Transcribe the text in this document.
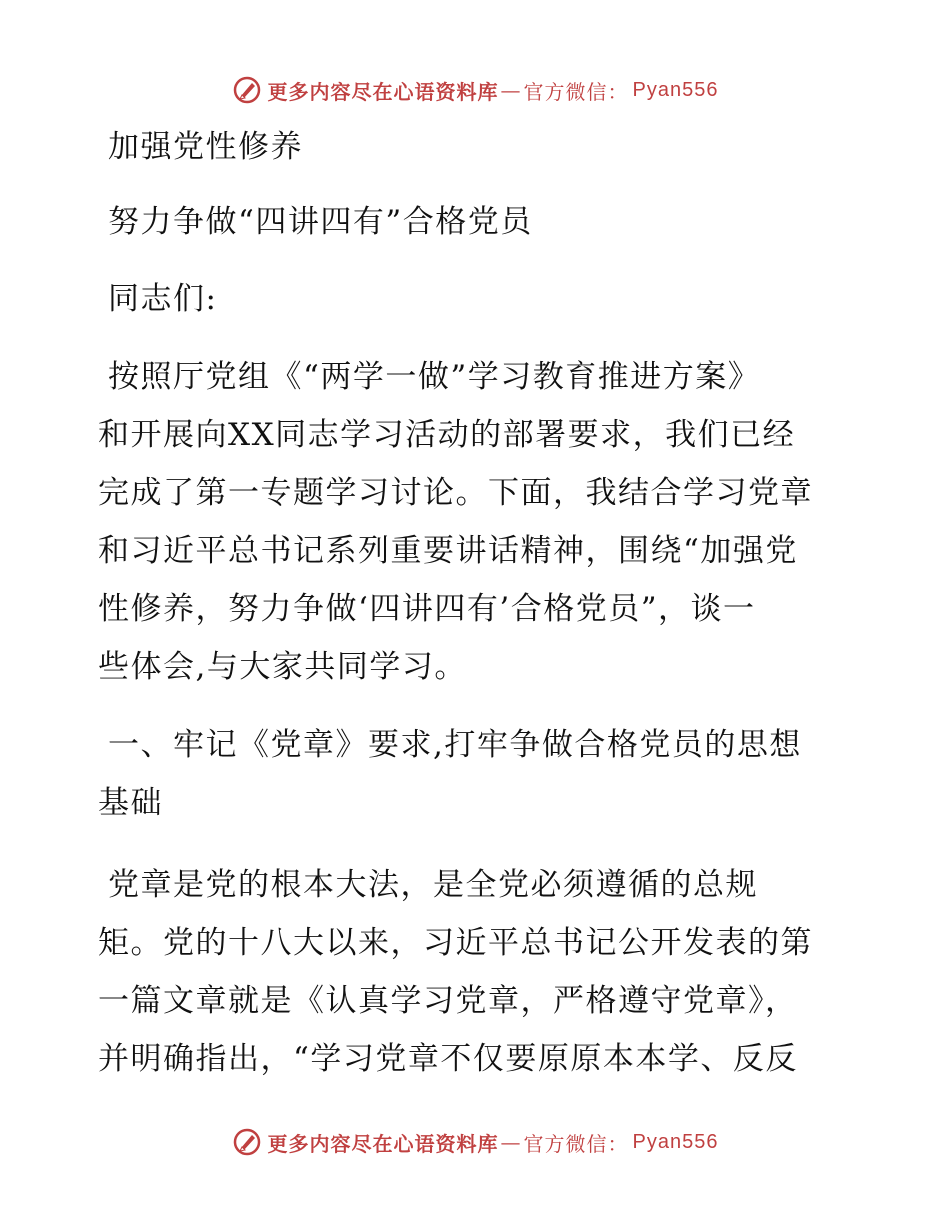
更多内容尽在心语资料库 — 官方微信： Pyan556
加强党性修养
努力争做“四讲四有”合格党员
同志们:
按照厅党组《“两学一做”学习教育推进方案》
和开展向XX同志学习活动的部署要求，我们已经
完成了第一专题学习讨论。下面，我结合学习党章
和习近平总书记系列重要讲话精神，围绕“加强党
性修养，努力争做‘四讲四有’合格党员”，谈一
些体会,与大家共同学习。
一、牢记《党章》要求,打牢争做合格党员的思想
基础
党章是党的根本大法，是全党必须遵循的总规
矩。党的十八大以来，习近平总书记公开发表的第
一篇文章就是《认真学习党章，严格遵守党章》，
并明确指出，“学习党章不仅要原原本本学、反反
更多内容尽在心语资料库 — 官方微信： Pyan556
